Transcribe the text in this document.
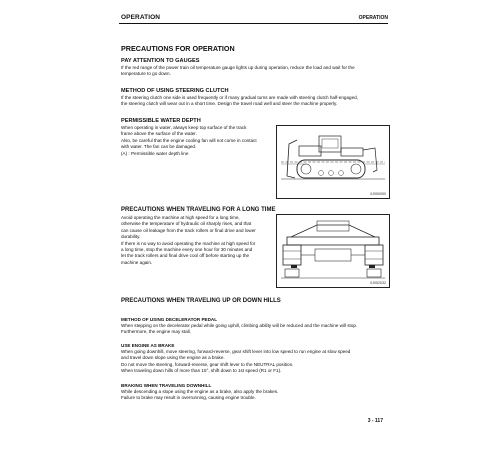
OPERATION	OPERATION
PRECAUTIONS FOR OPERATION
PAY ATTENTION TO GAUGES
If the red range of the power train oil temperature gauge lights up during operation, reduce the load and wait for the
temperature to go down.
METHOD OF USING STEERING CLUTCH
If the steering clutch one side is used frequently or if many gradual turns are made with steering clutch half-engaged,
the steering clutch will wear out in a short time. Design the travel road well and steer the machine properly.
PERMISSIBLE WATER DEPTH
When operating in water, always keep top surface of the track
frame above the surface of the water.
Also, be careful that the engine cooling fan will not come in contact
with water. The fan can be damaged.
(A) : Permissible water depth line
0J050050
PRECAUTIONS WHEN TRAVELING FOR A LONG TIME
Avoid operating the machine at high speed for a long time,
otherwise the temperature of hydraulic oil sharply rises, and that
can cause oil leakage from the track rollers or final drive and lower
durability.
If there is no way to avoid operating the machine at high speed for
a long time, stop the machine every one hour for 30 minutes and
let the track rollers and final drive cool off before starting up the
machine again.
0J052032
PRECAUTIONS WHEN TRAVELING UP OR DOWN HILLS
METHOD OF USING DECELERATOR PEDAL
When stepping on the decelerator pedal while going uphill, climbing ability will be reduced and the machine will stop.
Furthermore, the engine may stall.
USE ENGINE AS BRAKE
When going downhill, move steering, forward-reverse, gear shift lever into low speed to run engine at slow speed
and travel down slope using the engine as a brake.
Do not move the steering, forward-reverse, gear shift lever to the NEUTRAL position.
When traveling down hills of more than 15°, shift down to 1st speed (R1 or F1).
BRAKING WHEN TRAVELING DOWNHILL
While descending a slope using the engine as a brake, also apply the brakes.
Failure to brake may result in overrunning, causing engine trouble.
3 - 117
